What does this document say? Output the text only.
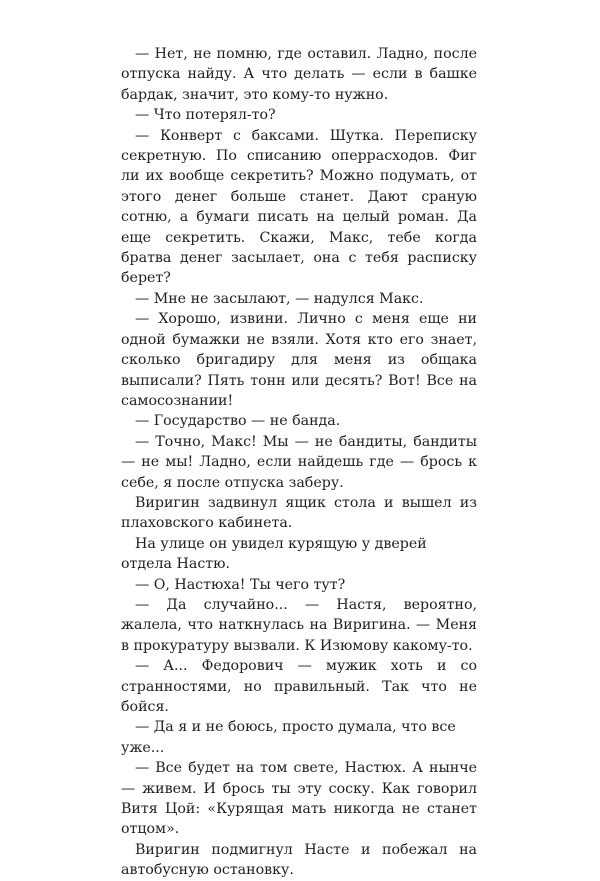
— Нет, не помню, где оставил. Ладно, после отпуска найду. А что делать — если в башке бардак, значит, это кому-то нужно.

— Что потерял-то?

— Конверт с баксами. Шутка. Переписку секретную. По списанию оперрасходов. Фиг ли их вообще секретить? Можно подумать, от этого денег больше станет. Дают сраную сотню, а бумаги писать на целый роман. Да еще секретить. Скажи, Макс, тебе когда братва денег засылает, она с тебя расписку берет?

— Мне не засылают, — надулся Макс.

— Хорошо, извини. Лично с меня еще ни одной бумажки не взяли. Хотя кто его знает, сколько бригадиру для меня из общака выписали? Пять тонн или десять? Вот! Все на самосознании!

— Государство — не банда.

— Точно, Макс! Мы — не бандиты, бандиты — не мы! Ладно, если найдешь где — брось к себе, я после отпуска заберу.

Виригин задвинул ящик стола и вышел из плаховского кабинета.

На улице он увидел курящую у дверей отдела Настю.

— О, Настюха! Ты чего тут?

— Да случайно... — Настя, вероятно, жалела, что наткнулась на Виригина. — Меня в прокуратуру вызвали. К Изюмову какому-то.

— А... Федорович — мужик хоть и со странностями, но правильный. Так что не бойся.

— Да я и не боюсь, просто думала, что все уже...

— Все будет на том свете, Настюх. А нынче — живем. И брось ты эту соску. Как говорил Витя Цой: «Курящая мать никогда не станет отцом».

Виригин подмигнул Насте и побежал на автобусную остановку.
